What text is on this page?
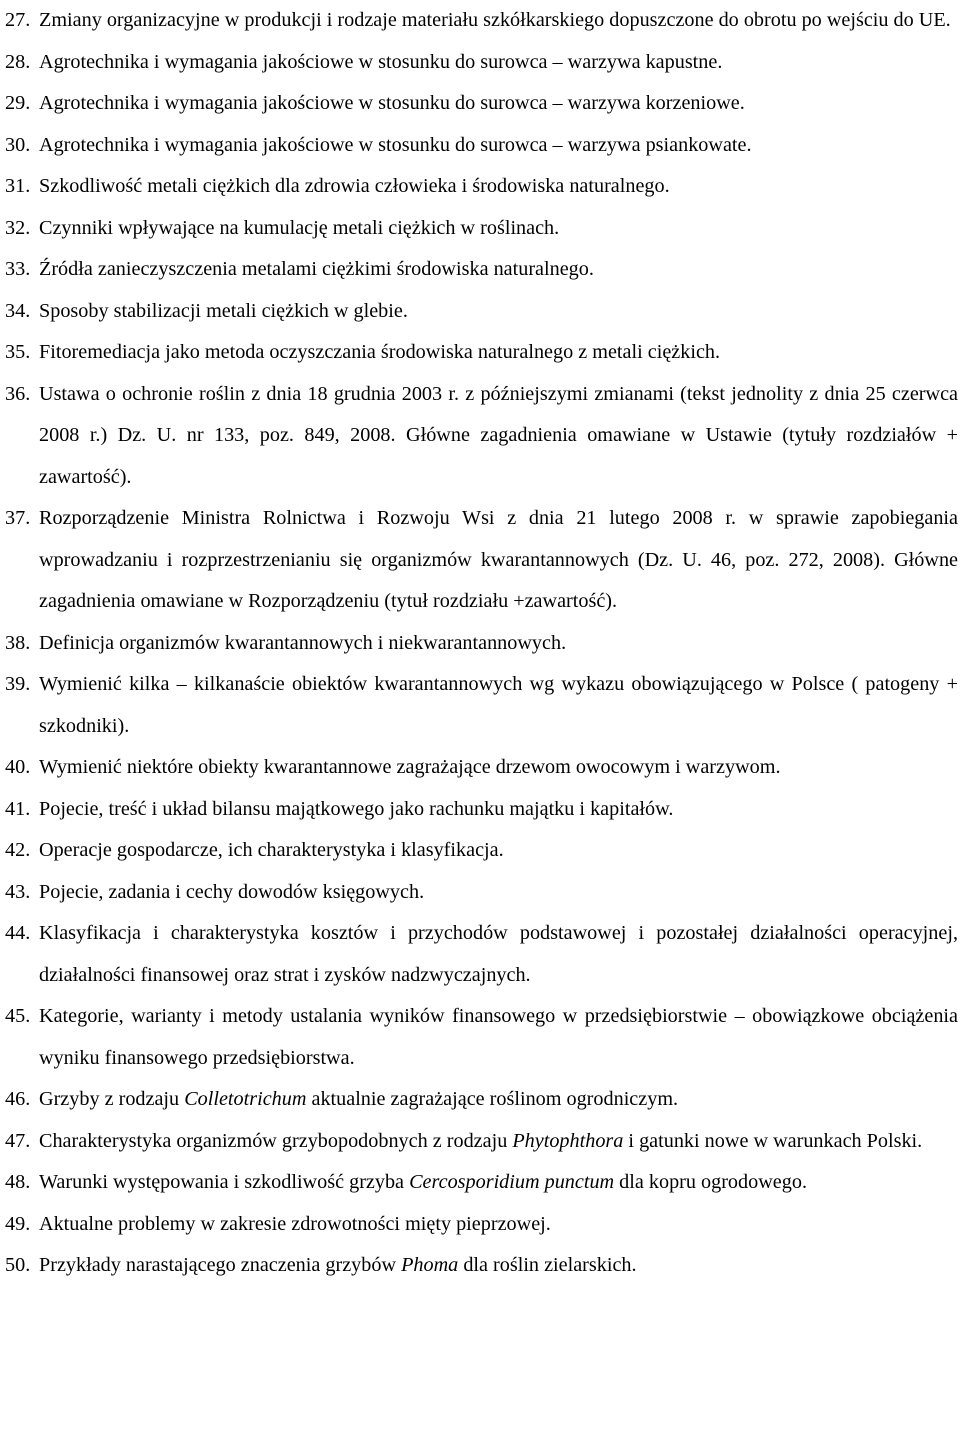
27. Zmiany organizacyjne w produkcji i rodzaje materiału szkółkarskiego dopuszczone do obrotu po wejściu do UE.
28. Agrotechnika i wymagania jakościowe w stosunku do surowca – warzywa kapustne.
29. Agrotechnika i wymagania jakościowe w stosunku do surowca – warzywa korzeniowe.
30. Agrotechnika i wymagania jakościowe w stosunku do surowca – warzywa psiankowate.
31. Szkodliwość metali ciężkich dla zdrowia człowieka i środowiska naturalnego.
32. Czynniki wpływające na kumulację metali ciężkich w roślinach.
33. Źródła zanieczyszczenia metalami ciężkimi środowiska naturalnego.
34. Sposoby stabilizacji metali ciężkich w glebie.
35. Fitoremediacja jako metoda oczyszczania środowiska naturalnego z metali ciężkich.
36. Ustawa o ochronie roślin z dnia 18 grudnia 2003 r. z późniejszymi zmianami (tekst jednolity z dnia 25 czerwca 2008 r.) Dz. U. nr 133, poz. 849, 2008. Główne zagadnienia omawiane w Ustawie (tytuły rozdziałów + zawartość).
37. Rozporządzenie Ministra Rolnictwa i Rozwoju Wsi z dnia 21 lutego 2008 r. w sprawie zapobiegania wprowadzaniu i rozprzestrzenianiu się organizmów kwarantannowych (Dz. U. 46, poz. 272, 2008). Główne zagadnienia omawiane w Rozporządzeniu (tytuł rozdziału +zawartość).
38. Definicja organizmów kwarantannowych i niekwarantannowych.
39. Wymienić kilka – kilkanaście obiektów kwarantannowych wg wykazu obowiązującego w Polsce ( patogeny + szkodniki).
40. Wymienić niektóre obiekty kwarantannowe zagrażające drzewom owocowym i warzywom.
41. Pojecie, treść i układ bilansu majątkowego jako rachunku majątku i kapitałów.
42. Operacje gospodarcze, ich charakterystyka i klasyfikacja.
43. Pojecie, zadania i cechy dowodów księgowych.
44. Klasyfikacja i charakterystyka kosztów i przychodów podstawowej i pozostałej działalności operacyjnej, działalności finansowej oraz strat i zysków nadzwyczajnych.
45. Kategorie, warianty i metody ustalania wyników finansowego w przedsiębiorstwie – obowiązkowe obciążenia wyniku finansowego przedsiębiorstwa.
46. Grzyby z rodzaju Colletotrichum aktualnie zagrażające roślinom ogrodniczym.
47. Charakterystyka organizmów grzybopodobnych z rodzaju Phytophthora i gatunki nowe w warunkach Polski.
48. Warunki występowania i szkodliwość grzyba Cercosporidium punctum dla kopru ogrodowego.
49. Aktualne problemy w zakresie zdrowotności mięty pieprzowej.
50. Przykłady narastającego znaczenia grzybów Phoma dla roślin zielarskich.
